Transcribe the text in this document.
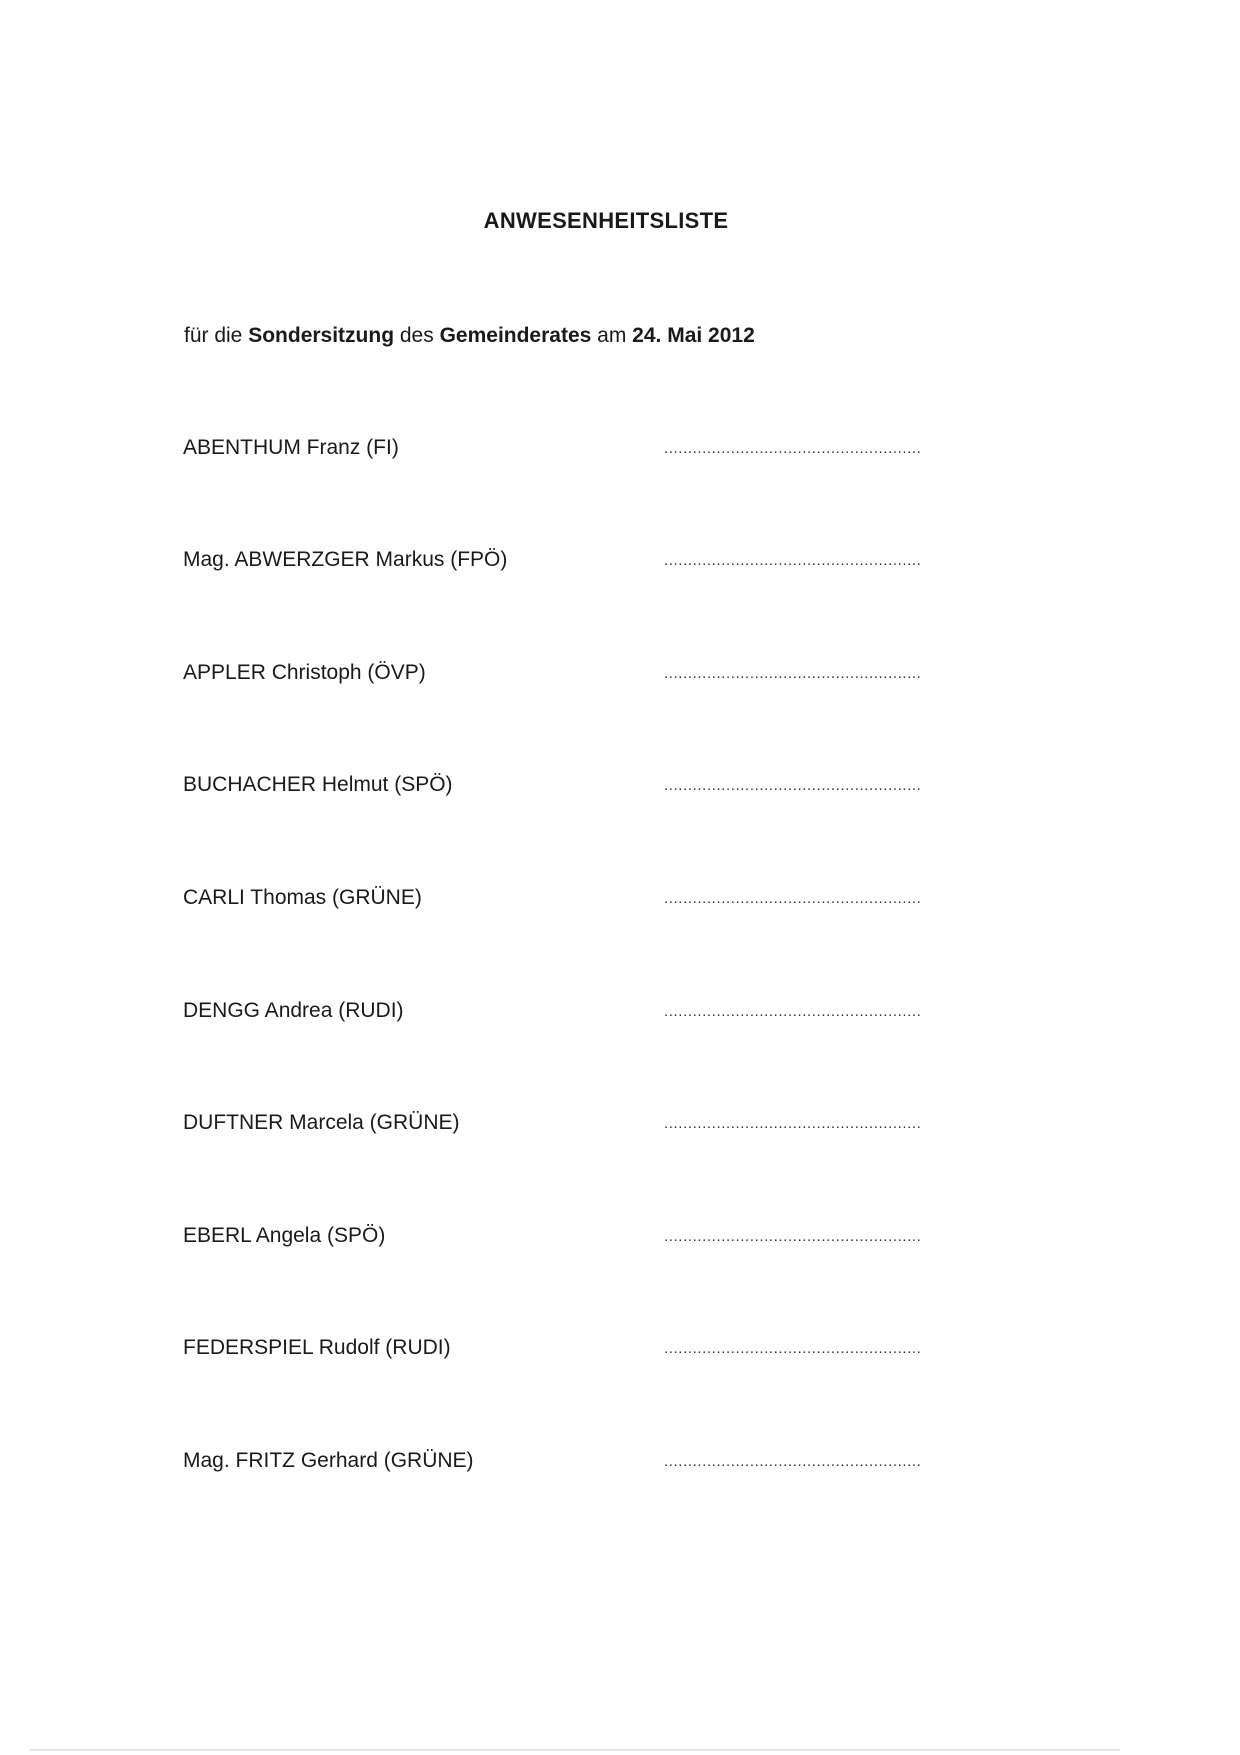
ANWESENHEITSLISTE
für die Sondersitzung des Gemeinderates am 24. Mai 2012
ABENTHUM Franz (FI)	......................................................
Mag. ABWERZGER Markus (FPÖ)	......................................................
APPLER Christoph (ÖVP)	......................................................
BUCHACHER Helmut (SPÖ)	......................................................
CARLI Thomas (GRÜNE)	......................................................
DENGG Andrea (RUDI)	......................................................
DUFTNER Marcela (GRÜNE)	......................................................
EBERL Angela (SPÖ)	......................................................
FEDERSPIEL Rudolf (RUDI)	......................................................
Mag. FRITZ Gerhard (GRÜNE)	......................................................
